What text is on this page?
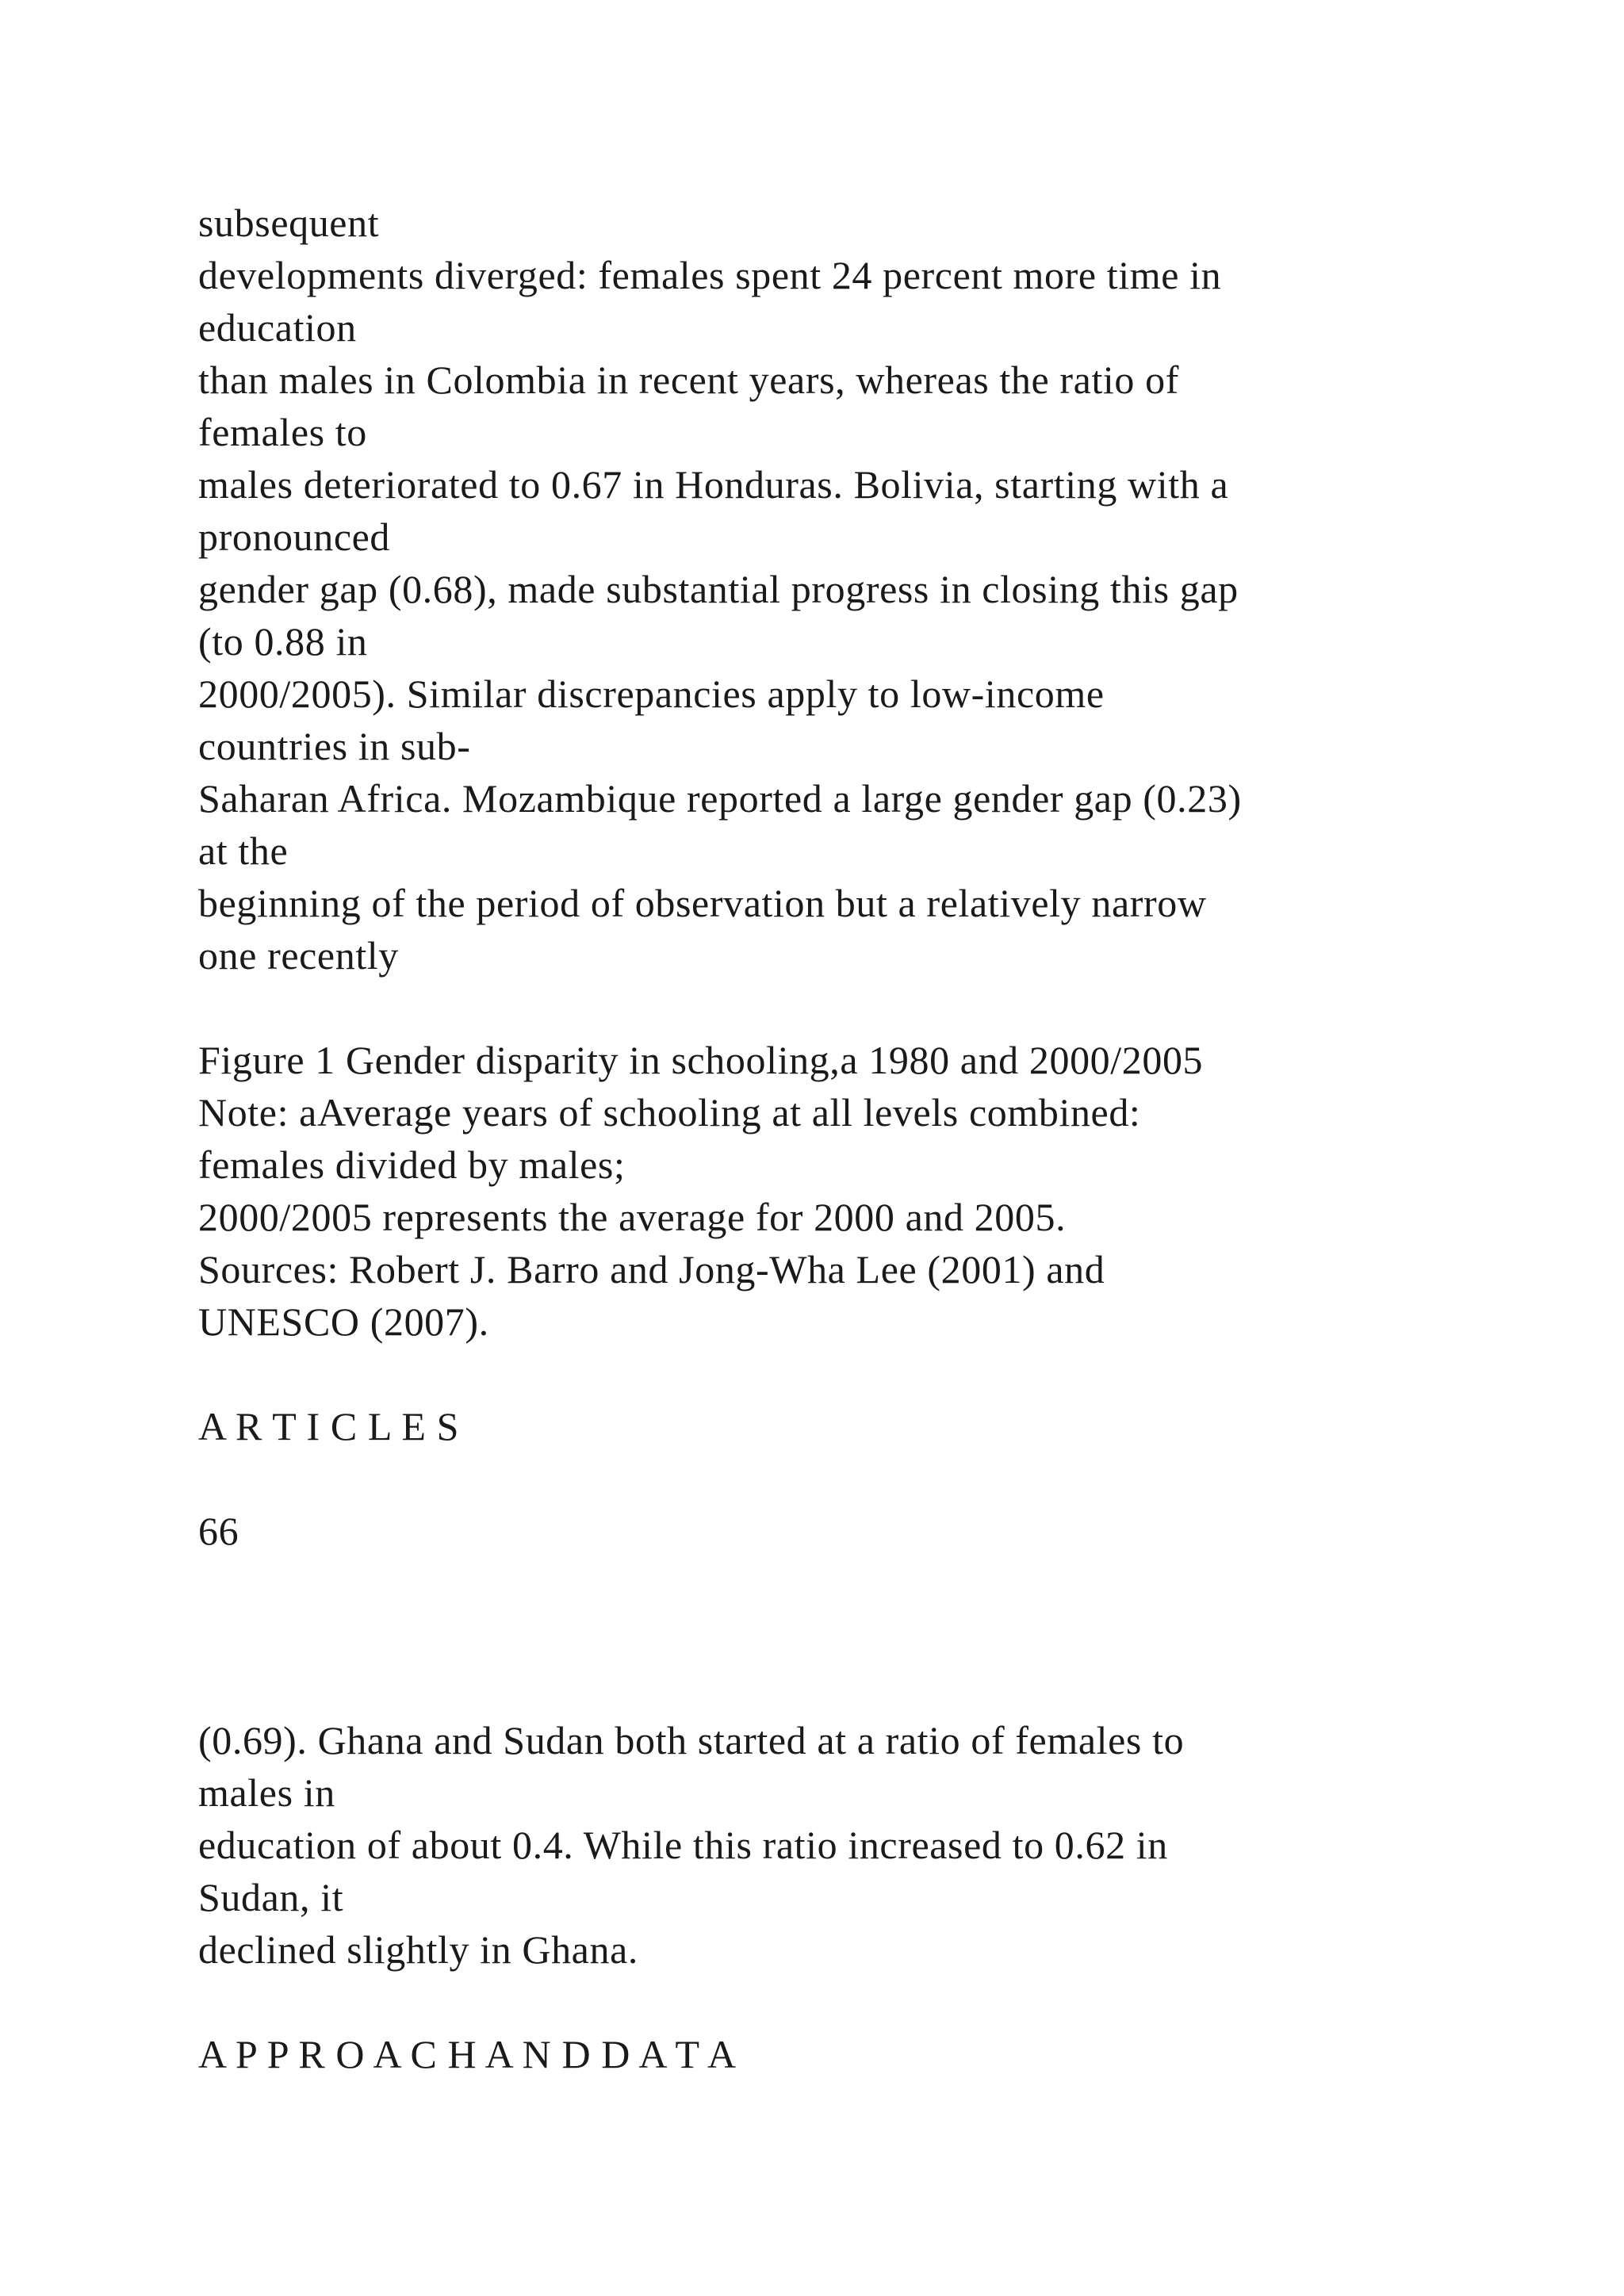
subsequent
developments diverged: females spent 24 percent more time in
education
than males in Colombia in recent years, whereas the ratio of
females to
males deteriorated to 0.67 in Honduras. Bolivia, starting with a
pronounced
gender gap (0.68), made substantial progress in closing this gap
(to 0.88 in
2000/2005). Similar discrepancies apply to low-income
countries in sub-
Saharan Africa. Mozambique reported a large gender gap (0.23)
at the
beginning of the period of observation but a relatively narrow
one recently
Figure 1 Gender disparity in schooling,a 1980 and 2000/2005
Note: aAverage years of schooling at all levels combined:
females divided by males;
2000/2005 represents the average for 2000 and 2005.
Sources: Robert J. Barro and Jong-Wha Lee (2001) and
UNESCO (2007).
A R T I C L E S
66
(0.69). Ghana and Sudan both started at a ratio of females to
males in
education of about 0.4. While this ratio increased to 0.62 in
Sudan, it
declined slightly in Ghana.
A P P R O A C H A N D D A T A
